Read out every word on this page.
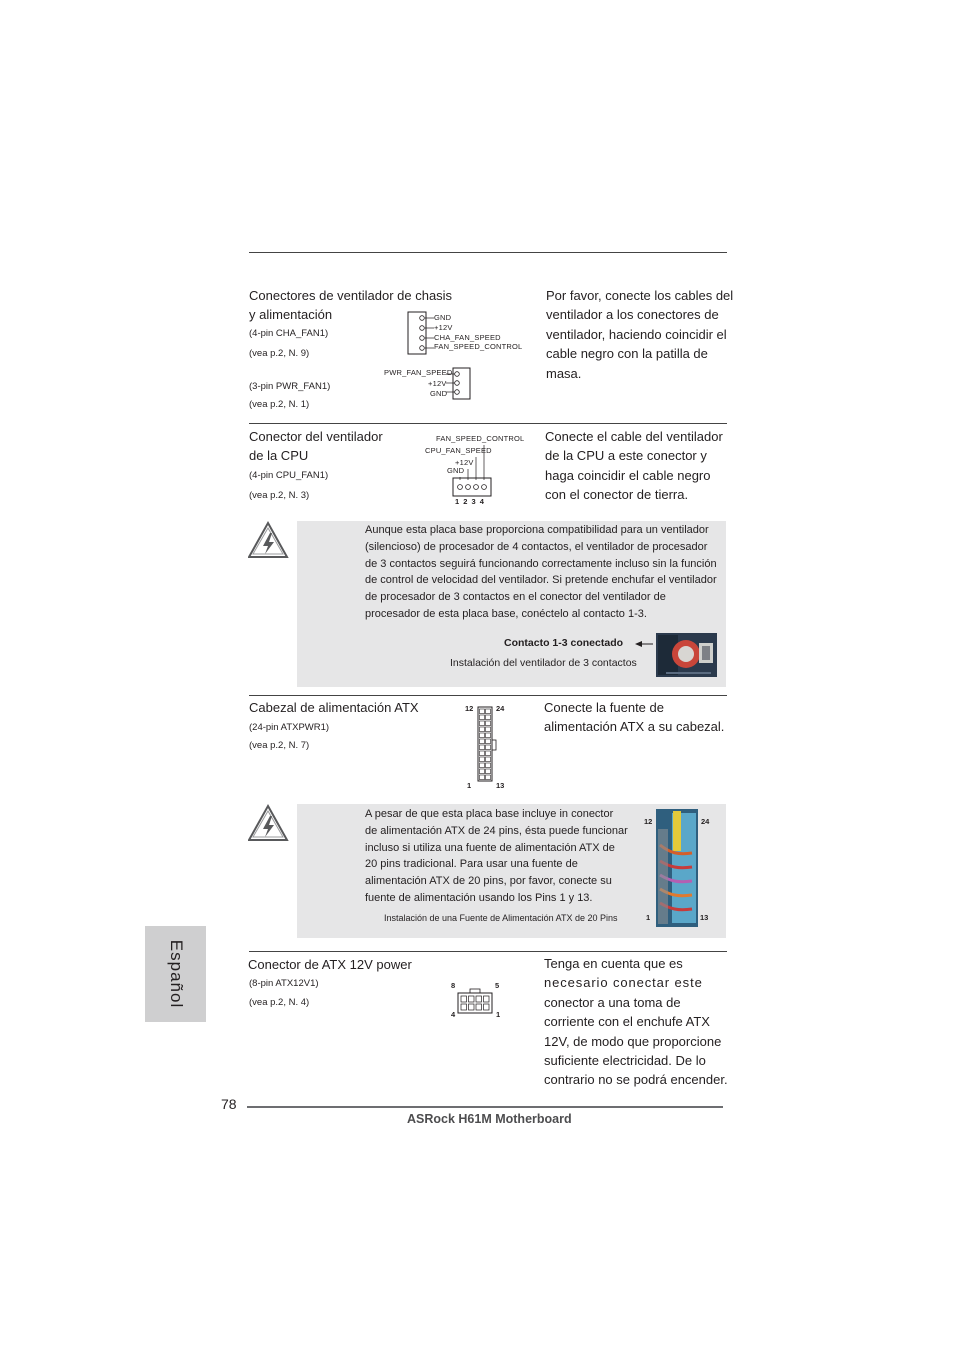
Conectores de ventilador de chasis
y alimentación
(4-pin CHA_FAN1)
(vea p.2, N. 9)
(3-pin PWR_FAN1)
(vea p.2, N. 1)
GND
+12V
CHA_FAN_SPEED
FAN_SPEED_CONTROL
PWR_FAN_SPEED
+12V
GND
Por favor, conecte los cables del
ventilador a los conectores de
ventilador, haciendo coincidir el
cable negro con la patilla de
masa.
Conector del ventilador
de la CPU
(4-pin CPU_FAN1)
(vea p.2, N. 3)
FAN_SPEED_CONTROL
CPU_FAN_SPEED
+12V
GND
1 2 3 4
Conecte el cable del ventilador
de la CPU a este conector y
haga coincidir el cable negro
con el conector de tierra.
Aunque esta placa base proporciona compatibilidad para un ventilador
(silencioso) de procesador de 4 contactos, el ventilador de procesador
de 3 contactos seguirá funcionando correctamente incluso sin la función
de control de velocidad del ventilador. Si pretende enchufar el ventilador
de procesador de 3 contactos en el conector del ventilador de
procesador de esta placa base, conéctelo al contacto 1-3.
Contacto 1-3 conectado
Instalación del ventilador de 3 contactos
Cabezal de alimentación ATX
(24-pin ATXPWR1)
(vea p.2, N. 7)
12	24
1	13
Conecte la fuente de
alimentación ATX a su cabezal.
A pesar de que esta placa base incluye in conector
de alimentación ATX de 24 pins, ésta puede funcionar
incluso si utiliza una fuente de alimentación ATX de
20 pins tradicional. Para usar una fuente de
alimentación ATX de 20 pins, por favor, conecte su
fuente de alimentación usando los Pins 1 y 13.
Instalación de una Fuente de Alimentación ATX de 20 Pins
12	24
1	13
Conector de ATX 12V power
(8-pin ATX12V1)
(vea p.2, N. 4)
8	5
4	1
Tenga en cuenta que es
necesario conectar este
conector a una toma de
corriente con el enchufe ATX
12V, de modo que proporcione
suficiente electricidad. De lo
contrario no se podrá encender.
Español
78
ASRock H61M Motherboard
